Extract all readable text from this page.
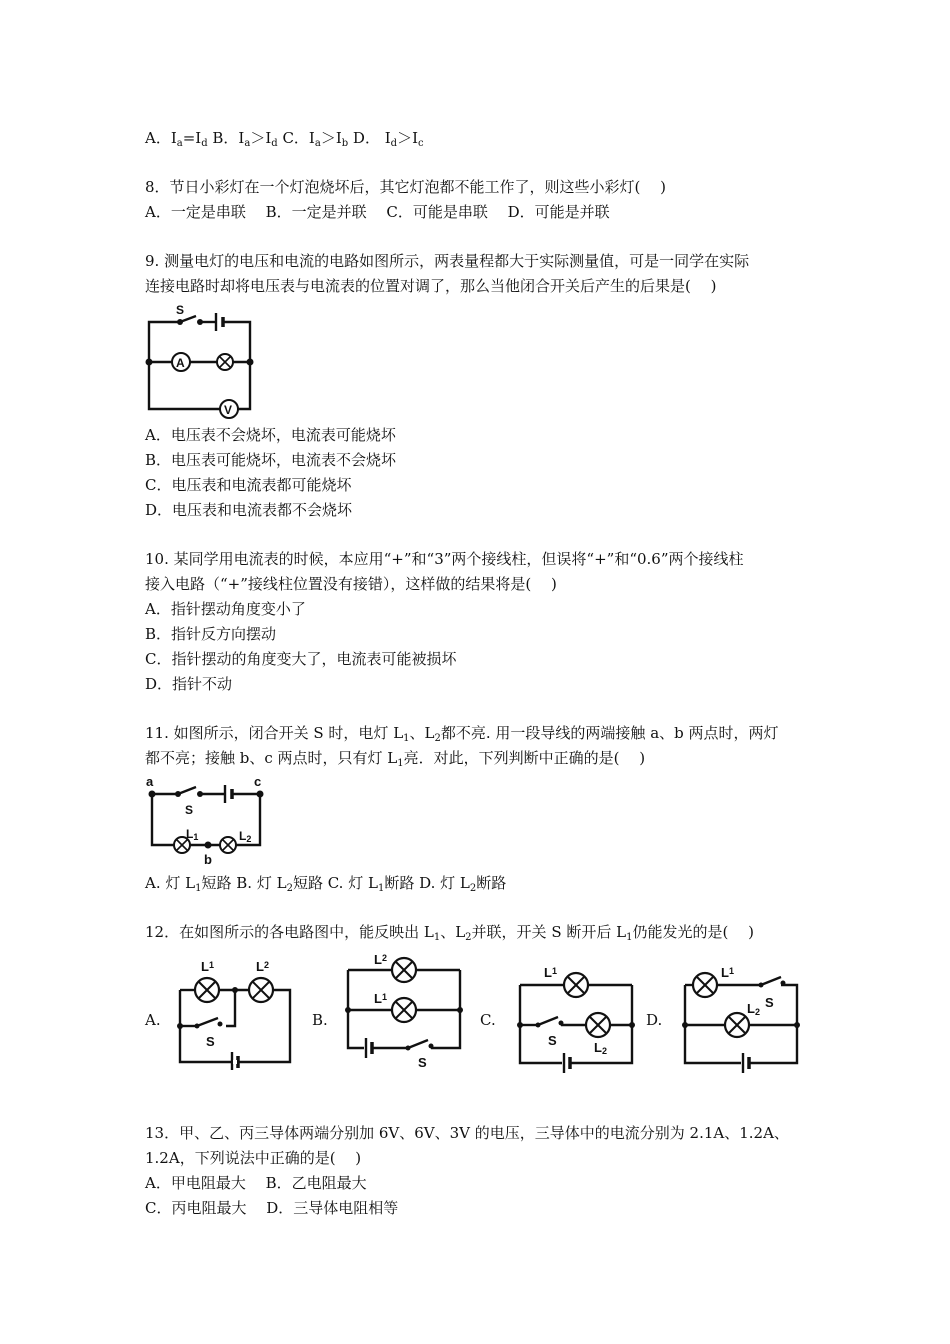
A．$I_a=I_d$ B．$I_a>I_d$ C．$I_a>I_b$ D． $I_d>I_c$
8．节日小彩灯在一个灯泡烧坏后，其它灯泡都不能工作了，则这些小彩灯(　 )
A．一定是串联　 B．一定是并联　 C．可能是串联　 D．可能是并联
9. 测量电灯的电压和电流的电路如图所示，两表量程都大于实际测量值，可是一同学在实际
连接电路时却将电压表与电流表的位置对调了，那么当他闭合开关后产生的后果是(　 )
S
A
V
A．电压表不会烧坏，电流表可能烧坏
B．电压表可能烧坏，电流表不会烧坏
C．电压表和电流表都可能烧坏
D．电压表和电流表都不会烧坏
10. 某同学用电流表的时候，本应用“+”和“3”两个接线柱，但误将“+”和“0.6”两个接线柱
接入电路（“+”接线柱位置没有接错），这样做的结果将是(　 )
A．指针摆动角度变小了
B．指针反方向摆动
C．指针摆动的角度变大了，电流表可能被损坏
D．指针不动
11. 如图所示，闭合开关 S 时，电灯 $L_1$、$L_2$都不亮. 用一段导线的两端接触 a、b 两点时，两灯
都不亮；接触 b、c 两点时，只有灯 $L_1$亮．对此，下列判断中正确的是(　 )
a	c
S
L1
b
L2
A. 灯 $L_1$短路 B. 灯 $L_2$短路 C. 灯 $L_1$断路 D. 灯 $L_2$断路
12．在如图所示的各电路图中，能反映出 $L_1$、$L_2$并联，开关 S 断开后 $L_1$仍能发光的是(　 )
A.	B.	C.	D.
S
$L^1$	$L^2$
S
$L^2$
$L^1$
$L^1$
S	L2
$L^1$
S
L2
13．甲、乙、丙三导体两端分别加 6V、6V、3V 的电压，三导体中的电流分别为 2.1A、1.2A、
1.2A，下列说法中正确的是(　 )
A．甲电阻最大　 B．乙电阻最大
C．丙电阻最大　 D．三导体电阻相等
